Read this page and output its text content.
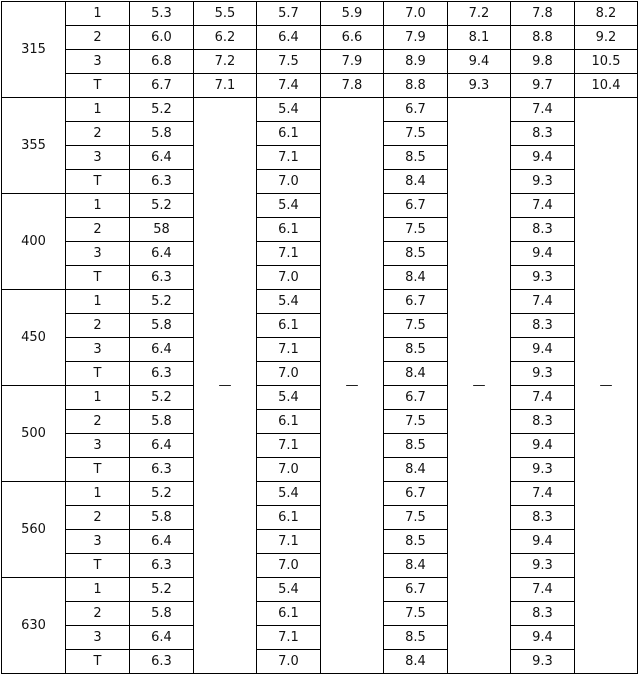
315	1	5.3	5.5	5.7	5.9	7.0	7.2	7.8	8.2
	2	6.0	6.2	6.4	6.6	7.9	8.1	8.8	9.2
	3	6.8	7.2	7.5	7.9	8.9	9.4	9.8	10.5
	T	6.7	7.1	7.4	7.8	8.8	9.3	9.7	10.4
355	1	5.2	—	5.4	—	6.7	—	7.4	—
	2	5.8		6.1		7.5		8.3	
	3	6.4		7.1		8.5		9.4	
	T	6.3		7.0		8.4		9.3	
400	1	5.2		5.4		6.7		7.4	
	2	58		6.1		7.5		8.3	
	3	6.4		7.1		8.5		9.4	
	T	6.3		7.0		8.4		9.3	
450	1	5.2		5.4		6.7		7.4	
	2	5.8		6.1		7.5		8.3	
	3	6.4		7.1		8.5		9.4	
	T	6.3		7.0		8.4		9.3	
500	1	5.2		5.4		6.7		7.4	
	2	5.8		6.1		7.5		8.3	
	3	6.4		7.1		8.5		9.4	
	T	6.3		7.0		8.4		9.3	
560	1	5.2		5.4		6.7		7.4	
	2	5.8		6.1		7.5		8.3	
	3	6.4		7.1		8.5		9.4	
	T	6.3		7.0		8.4		9.3	
630	1	5.2		5.4		6.7		7.4	
	2	5.8		6.1		7.5		8.3	
	3	6.4		7.1		8.5		9.4	
	T	6.3		7.0		8.4		9.3	
